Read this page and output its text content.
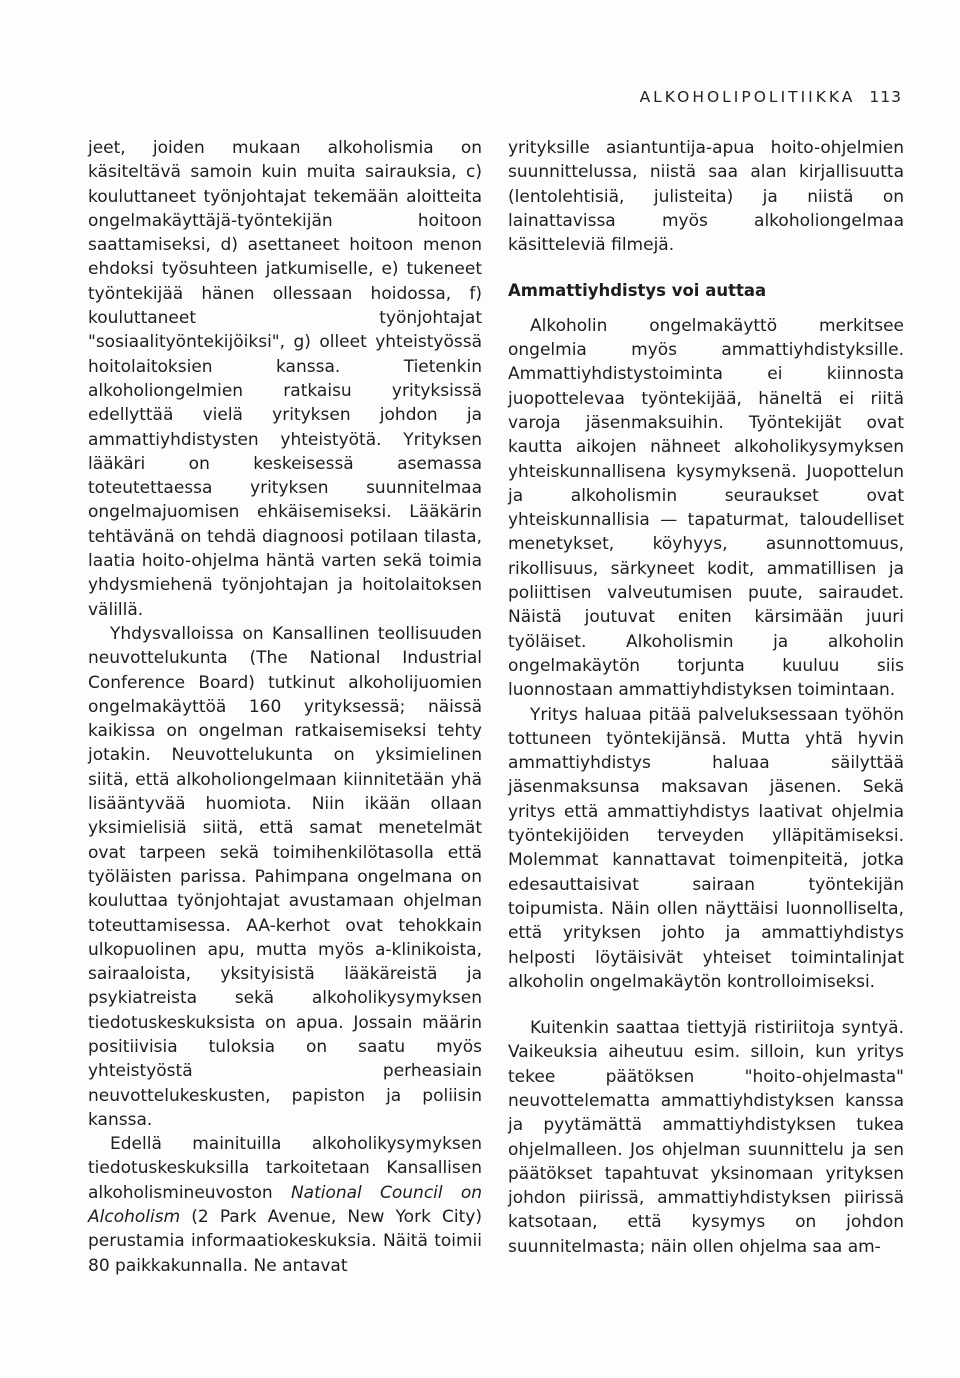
ALKOHOLIPOLITIIKKA 113

jeet, joiden mukaan alkoholismia on käsiteltävä samoin kuin muita sairauksia, c) kouluttaneet työnjohtajat tekemään aloitteita ongelmakäyttäjä-työntekijän hoitoon saattamiseksi, d) asettaneet hoitoon menon ehdoksi työsuhteen jatkumiselle, e) tukeneet työntekijää hänen ollessaan hoidossa, f) kouluttaneet työnjohtajat "sosiaalityöntekijöiksi", g) olleet yhteistyössä hoitolaitoksien kanssa. Tietenkin alkoholiongelmien ratkaisu yrityksissä edellyttää vielä yrityksen johdon ja ammattiyhdistysten yhteistyötä. Yrityksen lääkäri on keskeisessä asemassa toteutettaessa yrityksen suunnitelmaa ongelmajuomisen ehkäisemiseksi. Lääkärin tehtävänä on tehdä diagnoosi potilaan tilasta, laatia hoito-ohjelma häntä varten sekä toimia yhdysmiehenä työnjohtajan ja hoitolaitoksen välillä.

Yhdysvalloissa on Kansallinen teollisuuden neuvottelukunta (The National Industrial Conference Board) tutkinut alkoholijuomien ongelmakäyttöä 160 yrityksessä; näissä kaikissa on ongelman ratkaisemiseksi tehty jotakin. Neuvottelukunta on yksimielinen siitä, että alkoholiongelmaan kiinnitetään yhä lisääntyvää huomiota. Niin ikään ollaan yksimielisiä siitä, että samat menetelmät ovat tarpeen sekä toimihenkilötasolla että työläisten parissa. Pahimpana ongelmana on kouluttaa työnjohtajat avustamaan ohjelman toteuttamisessa. AA-kerhot ovat tehokkain ulkopuolinen apu, mutta myös a-klinikoista, sairaaloista, yksityisistä lääkäreistä ja psykiatreista sekä alkoholikysymyksen tiedotuskeskuksista on apua. Jossain määrin positiivisia tuloksia on saatu myös yhteistyöstä perheasiain neuvottelukeskusten, papiston ja poliisin kanssa.

Edellä mainituilla alkoholikysymyksen tiedotuskeskuksilla tarkoitetaan Kansallisen alkoholismineuvoston National Council on Alcoholism (2 Park Avenue, New York City) perustamia informaatiokeskuksia. Näitä toimii 80 paikkakunnalla. Ne antavat

yrityksille asiantuntija-apua hoito-ohjelmien suunnittelussa, niistä saa alan kirjallisuutta (lentolehtisiä, julisteita) ja niistä on lainattavissa myös alkoholiongelmaa käsitteleviä filmejä.

Ammattiyhdistys voi auttaa

Alkoholin ongelmakäyttö merkitsee ongelmia myös ammattiyhdistyksille. Ammattiyhdistystoiminta ei kiinnosta juopottelevaa työntekijää, häneltä ei riitä varoja jäsenmaksuihin. Työntekijät ovat kautta aikojen nähneet alkoholikysymyksen yhteiskunnallisena kysymyksenä. Juopottelun ja alkoholismin seuraukset ovat yhteiskunnallisia — tapaturmat, taloudelliset menetykset, köyhyys, asunnottomuus, rikollisuus, särkyneet kodit, ammatillisen ja poliittisen valveutumisen puute, sairaudet. Näistä joutuvat eniten kärsimään juuri työläiset. Alkoholismin ja alkoholin ongelmakäytön torjunta kuuluu siis luonnostaan ammattiyhdistyksen toimintaan.

Yritys haluaa pitää palveluksessaan työhön tottuneen työntekijänsä. Mutta yhtä hyvin ammattiyhdistys haluaa säilyttää jäsenmaksunsa maksavan jäsenen. Sekä yritys että ammattiyhdistys laativat ohjelmia työntekijöiden terveyden ylläpitämiseksi. Molemmat kannattavat toimenpiteitä, jotka edesauttaisivat sairaan työntekijän toipumista. Näin ollen näyttäisi luonnolliselta, että yrityksen johto ja ammattiyhdistys helposti löytäisivät yhteiset toimintalinjat alkoholin ongelmakäytön kontrolloimiseksi.

Kuitenkin saattaa tiettyjä ristiriitoja syntyä. Vaikeuksia aiheutuu esim. silloin, kun yritys tekee päätöksen "hoito-ohjelmasta" neuvottelematta ammattiyhdistyksen kanssa ja pyytämättä ammattiyhdistyksen tukea ohjelmalleen. Jos ohjelman suunnittelu ja sen päätökset tapahtuvat yksinomaan yrityksen johdon piirissä, ammattiyhdistyksen piirissä katsotaan, että kysymys on johdon suunnitelmasta; näin ollen ohjelma saa am-
